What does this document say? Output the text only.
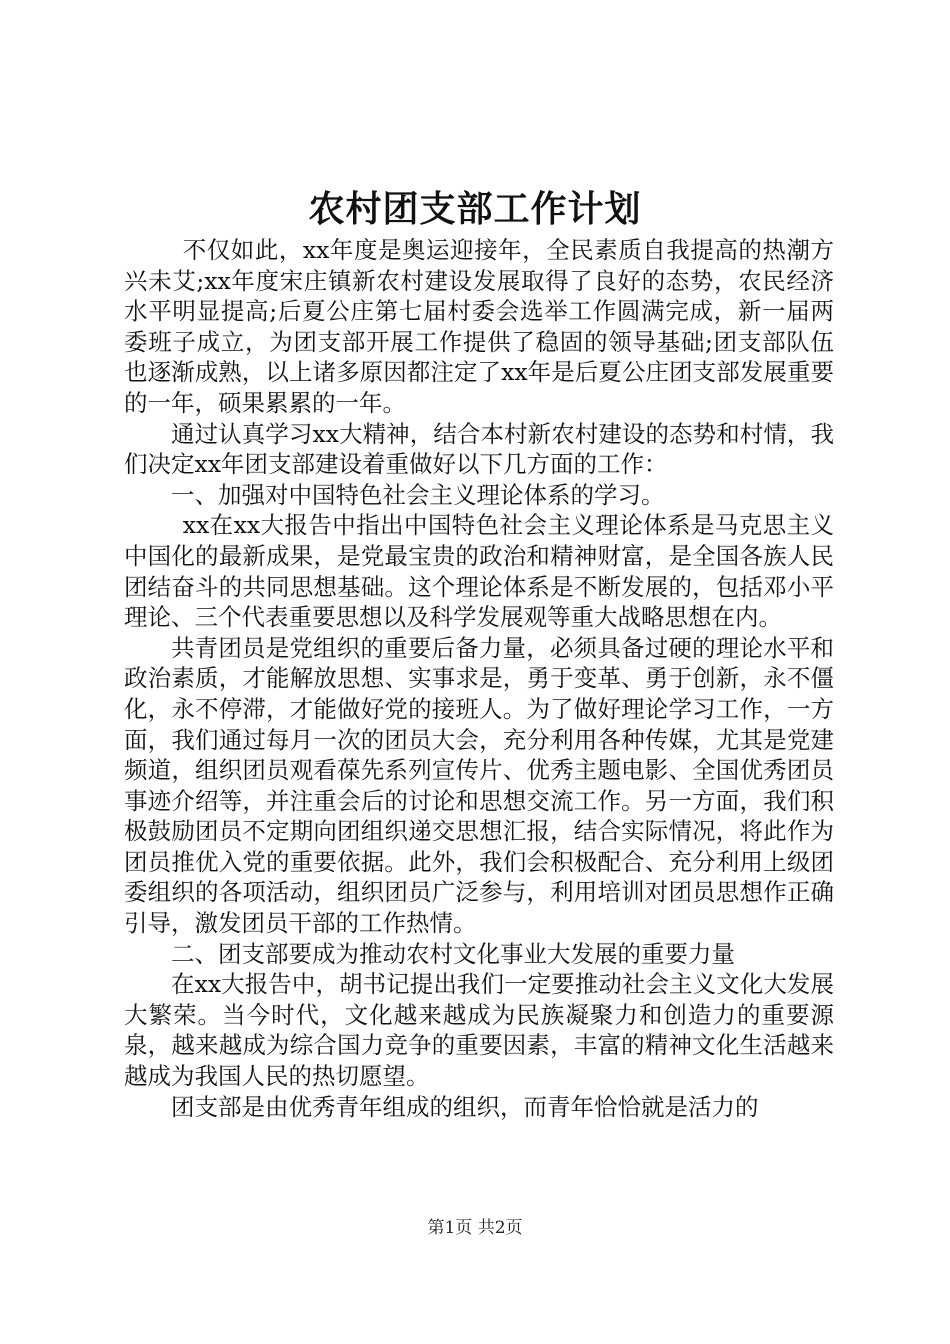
农村团支部工作计划

不仅如此，xx年度是奥运迎接年，全民素质自我提高的热潮方兴未艾;xx年度宋庄镇新农村建设发展取得了良好的态势，农民经济水平明显提高;后夏公庄第七届村委会选举工作圆满完成，新一届两委班子成立，为团支部开展工作提供了稳固的领导基础;团支部队伍也逐渐成熟，以上诸多原因都注定了xx年是后夏公庄团支部发展重要的一年，硕果累累的一年。

通过认真学习xx大精神，结合本村新农村建设的态势和村情，我们决定xx年团支部建设着重做好以下几方面的工作：

一、加强对中国特色社会主义理论体系的学习。

xx在xx大报告中指出中国特色社会主义理论体系是马克思主义中国化的最新成果，是党最宝贵的政治和精神财富，是全国各族人民团结奋斗的共同思想基础。这个理论体系是不断发展的，包括邓小平理论、三个代表重要思想以及科学发展观等重大战略思想在内。

共青团员是党组织的重要后备力量，必须具备过硬的理论水平和政治素质，才能解放思想、实事求是，勇于变革、勇于创新，永不僵化，永不停滞，才能做好党的接班人。为了做好理论学习工作，一方面，我们通过每月一次的团员大会，充分利用各种传媒，尤其是党建频道，组织团员观看葆先系列宣传片、优秀主题电影、全国优秀团员事迹介绍等，并注重会后的讨论和思想交流工作。另一方面，我们积极鼓励团员不定期向团组织递交思想汇报，结合实际情况，将此作为团员推优入党的重要依据。此外，我们会积极配合、充分利用上级团委组织的各项活动，组织团员广泛参与，利用培训对团员思想作正确引导，激发团员干部的工作热情。

二、团支部要成为推动农村文化事业大发展的重要力量

在xx大报告中，胡书记提出我们一定要推动社会主义文化大发展大繁荣。当今时代，文化越来越成为民族凝聚力和创造力的重要源泉，越来越成为综合国力竞争的重要因素，丰富的精神文化生活越来越成为我国人民的热切愿望。

团支部是由优秀青年组成的组织，而青年恰恰就是活力的

第1页 共2页
